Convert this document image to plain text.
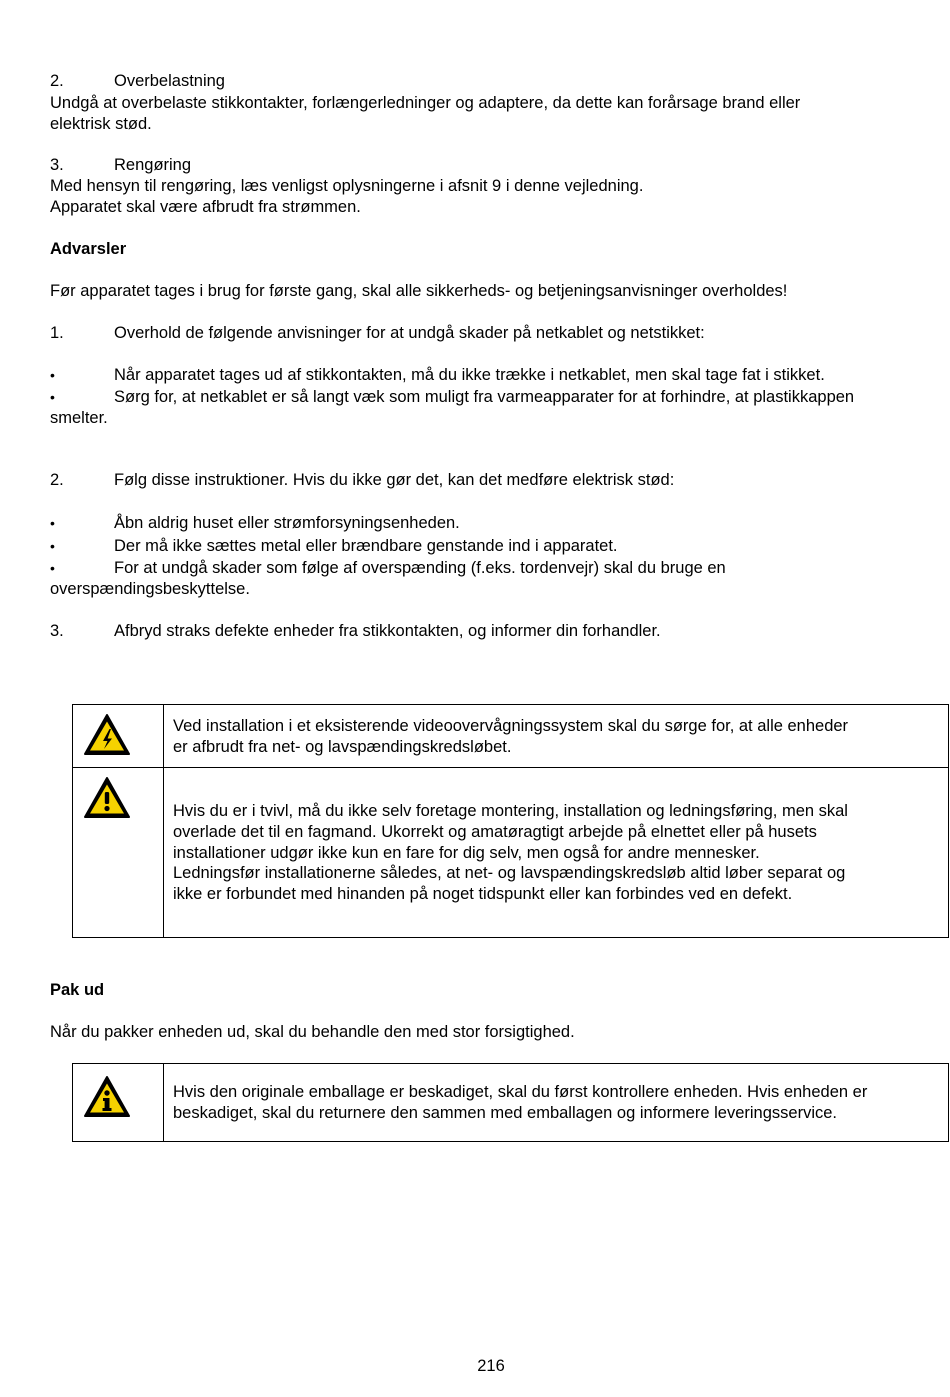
2.	Overbelastning
Undgå at overbelaste stikkontakter, forlængerledninger og adaptere, da dette kan forårsage brand eller
elektrisk stød.
3.	Rengøring
Med hensyn til rengøring, læs venligst oplysningerne i afsnit 9 i denne vejledning.
Apparatet skal være afbrudt fra strømmen.
Advarsler
Før apparatet tages i brug for første gang, skal alle sikkerheds- og betjeningsanvisninger overholdes!
1.	Overhold de følgende anvisninger for at undgå skader på netkablet og netstikket:
•	Når apparatet tages ud af stikkontakten, må du ikke trække i netkablet, men skal tage fat i stikket.
•	Sørg for, at netkablet er så langt væk som muligt fra varmeapparater for at forhindre, at plastikkappen
smelter.
2.	Følg disse instruktioner. Hvis du ikke gør det, kan det medføre elektrisk stød:
•	Åbn aldrig huset eller strømforsyningsenheden.
•	Der må ikke sættes metal eller brændbare genstande ind i apparatet.
•	For at undgå skader som følge af overspænding (f.eks. tordenvejr) skal du bruge en
overspændingsbeskyttelse.
3.	Afbryd straks defekte enheder fra stikkontakten, og informer din forhandler.
Ved installation i et eksisterende videoovervågningssystem skal du sørge for, at alle enheder
er afbrudt fra net- og lavspændingskredsløbet.
Hvis du er i tvivl, må du ikke selv foretage montering, installation og ledningsføring, men skal
overlade det til en fagmand. Ukorrekt og amatøragtigt arbejde på elnettet eller på husets
installationer udgør ikke kun en fare for dig selv, men også for andre mennesker.
Ledningsfør installationerne således, at net- og lavspændingskredsløb altid løber separat og
ikke er forbundet med hinanden på noget tidspunkt eller kan forbindes ved en defekt.
Pak ud
Når du pakker enheden ud, skal du behandle den med stor forsigtighed.
Hvis den originale emballage er beskadiget, skal du først kontrollere enheden. Hvis enheden er
beskadiget, skal du returnere den sammen med emballagen og informere leveringsservice.
216
